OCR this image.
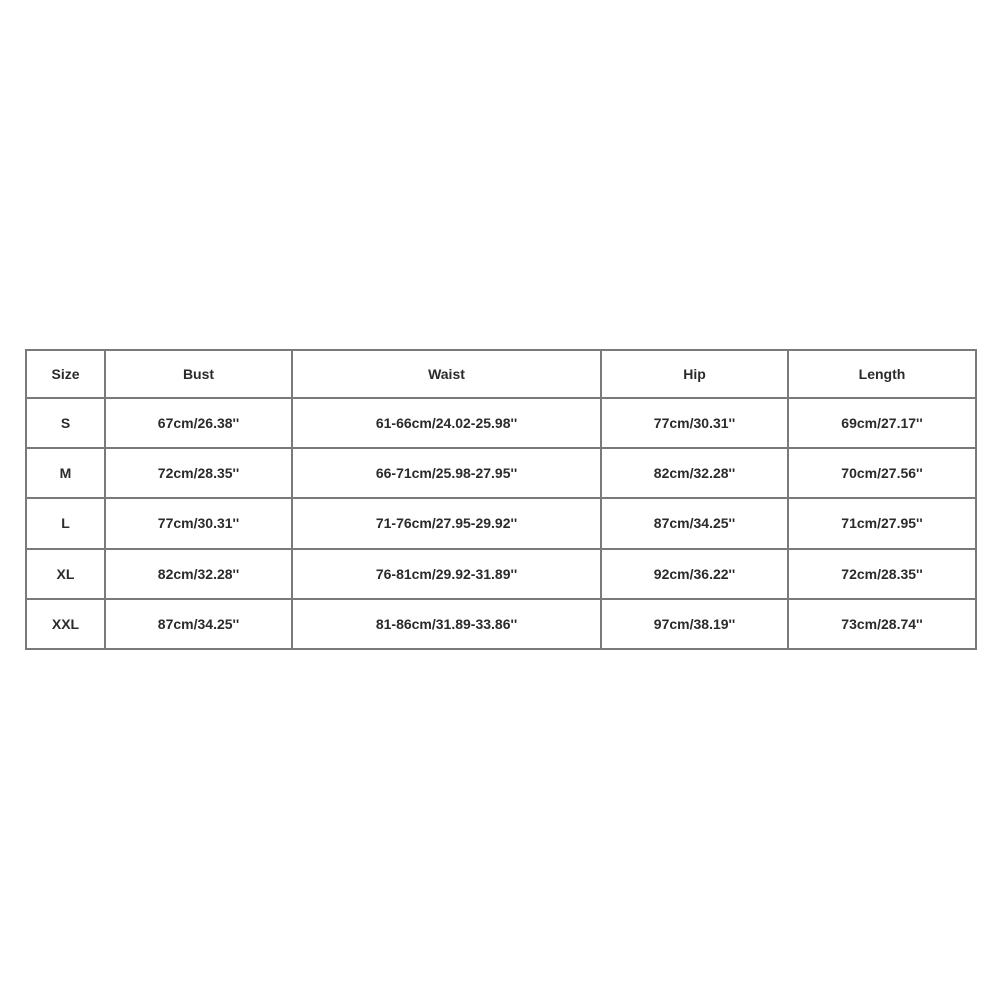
Size	Bust	Waist	Hip	Length
S	67cm/26.38''	61-66cm/24.02-25.98''	77cm/30.31''	69cm/27.17''
M	72cm/28.35''	66-71cm/25.98-27.95''	82cm/32.28''	70cm/27.56''
L	77cm/30.31''	71-76cm/27.95-29.92''	87cm/34.25''	71cm/27.95''
XL	82cm/32.28''	76-81cm/29.92-31.89''	92cm/36.22''	72cm/28.35''
XXL	87cm/34.25''	81-86cm/31.89-33.86''	97cm/38.19''	73cm/28.74''
